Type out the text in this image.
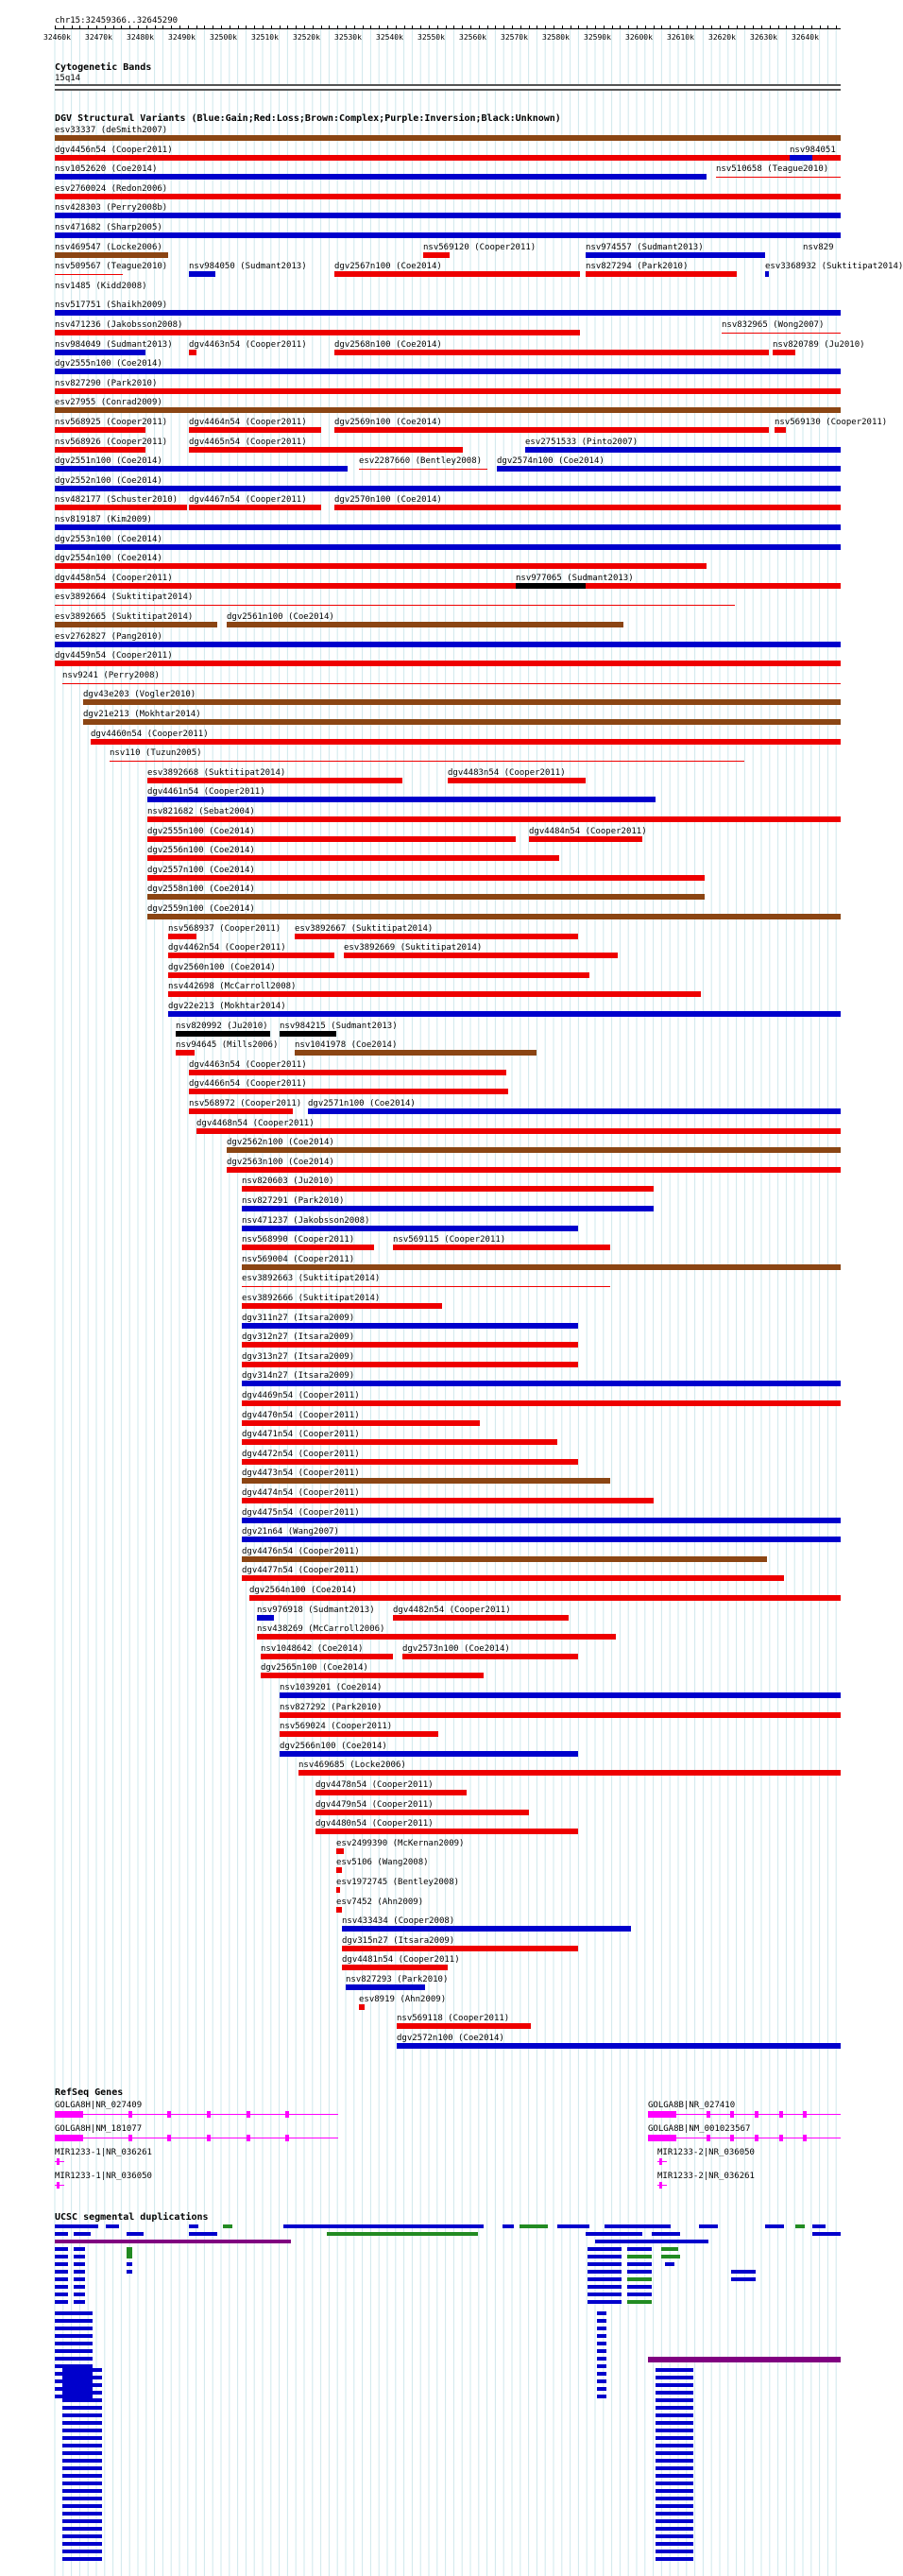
chr15:32459366..32645290
32460k 32470k 32480k 32490k 32500k 32510k 32520k 32530k 32540k 32550k 32560k 32570k 32580k 32590k 32600k 32610k 32620k 32630k 32640k
Cytogenetic Bands
15q14
DGV Structural Variants (Blue:Gain;Red:Loss;Brown:Complex;Purple:Inversion;Black:Unknown)
esv33337 (deSmith2007)
dgv4456n54 (Cooper2011)	nsv984051
nsv1052620 (Coe2014)	nsv510658 (Teague2010)
esv2760024 (Redon2006)
nsv428303 (Perry2008b)
nsv471682 (Sharp2005)
nsv469547 (Locke2006)	nsv569120 (Cooper2011)	nsv974557 (Sudmant2013)	nsv829
nsv509567 (Teague2010)	nsv984050 (Sudmant2013)	dgv2567n100 (Coe2014)	nsv827294 (Park2010)	esv3368932 (Suktitipat2014)
nsv1485 (Kidd2008)
nsv517751 (Shaikh2009)
nsv471236 (Jakobsson2008)	nsv832965 (Wong2007)
nsv984049 (Sudmant2013) dgv4463n54 (Cooper2011)	dgv2568n100 (Coe2014)	nsv820789 (Ju2010)
dgv2555n100 (Coe2014)
nsv827290 (Park2010)
esv27955 (Conrad2009)
nsv568925 (Cooper2011)	dgv4464n54 (Cooper2011)	dgv2569n100 (Coe2014)	nsv569130 (Cooper2011)
nsv568926 (Cooper2011)	dgv4465n54 (Cooper2011)	esv2751533 (Pinto2007)
dgv2551n100 (Coe2014)	esv2287660 (Bentley2008) dgv2574n100 (Coe2014)
dgv2552n100 (Coe2014)
nsv482177 (Schuster2010) dgv4467n54 (Cooper2011)	dgv2570n100 (Coe2014)
nsv819187 (Kim2009)
dgv2553n100 (Coe2014)
dgv2554n100 (Coe2014)
dgv4458n54 (Cooper2011)	nsv977065 (Sudmant2013)
esv3892664 (Suktitipat2014)
esv3892665 (Suktitipat2014)	dgv2561n100 (Coe2014)
esv2762827 (Pang2010)
dgv4459n54 (Cooper2011)
nsv9241 (Perry2008)
dgv43e203 (Vogler2010)
dgv21e213 (Mokhtar2014)
dgv4460n54 (Cooper2011)
nsv110 (Tuzun2005)
esv3892668 (Suktitipat2014)	dgv4483n54 (Cooper2011)
dgv4461n54 (Cooper2011)
nsv821682 (Sebat2004)
dgv2555n100 (Coe2014)	dgv4484n54 (Cooper2011)
dgv2556n100 (Coe2014)
dgv2557n100 (Coe2014)
dgv2558n100 (Coe2014)
dgv2559n100 (Coe2014)
nsv568937 (Cooper2011) esv3892667 (Suktitipat2014)
dgv4462n54 (Cooper2011)	esv3892669 (Suktitipat2014)
dgv2560n100 (Coe2014)
nsv442698 (McCarroll2008)
dgv22e213 (Mokhtar2014)
nsv820992 (Ju2010) nsv984215 (Sudmant2013)
nsv94645 (Mills2006) nsv1041978 (Coe2014)
dgv4463n54 (Cooper2011)
dgv4466n54 (Cooper2011)
nsv568972 (Cooper2011) dgv2571n100 (Coe2014)
dgv4468n54 (Cooper2011)
dgv2562n100 (Coe2014)
dgv2563n100 (Coe2014)
nsv820603 (Ju2010)
nsv827291 (Park2010)
nsv471237 (Jakobsson2008)
nsv568990 (Cooper2011)	nsv569115 (Cooper2011)
nsv569004 (Cooper2011)
esv3892663 (Suktitipat2014)
esv3892666 (Suktitipat2014)
dgv311n27 (Itsara2009)
dgv312n27 (Itsara2009)
dgv313n27 (Itsara2009)
dgv314n27 (Itsara2009)
dgv4469n54 (Cooper2011)
dgv4470n54 (Cooper2011)
dgv4471n54 (Cooper2011)
dgv4472n54 (Cooper2011)
dgv4473n54 (Cooper2011)
dgv4474n54 (Cooper2011)
dgv4475n54 (Cooper2011)
dgv21n64 (Wang2007)
dgv4476n54 (Cooper2011)
dgv4477n54 (Cooper2011)
dgv2564n100 (Coe2014)
nsv976918 (Sudmant2013) dgv4482n54 (Cooper2011)
nsv438269 (McCarroll2006)
nsv1048642 (Coe2014)	dgv2573n100 (Coe2014)
dgv2565n100 (Coe2014)
nsv1039201 (Coe2014)
nsv827292 (Park2010)
nsv569024 (Cooper2011)
dgv2566n100 (Coe2014)
nsv469685 (Locke2006)
dgv4478n54 (Cooper2011)
dgv4479n54 (Cooper2011)
dgv4480n54 (Cooper2011)
esv2499390 (McKernan2009)
esv5106 (Wang2008)
esv1972745 (Bentley2008)
esv7452 (Ahn2009)
nsv433434 (Cooper2008)
dgv315n27 (Itsara2009)
dgv4481n54 (Cooper2011)
nsv827293 (Park2010)
esv8919 (Ahn2009)
nsv569118 (Cooper2011)
dgv2572n100 (Coe2014)
RefSeq Genes
GOLGA8H|NR_027409
GOLGA8H|NM_181077
MIR1233-1|NR_036261
MIR1233-1|NR_036050
GOLGA8B|NR_027410
GOLGA8B|NM_001023567
MIR1233-2|NR_036050
MIR1233-2|NR_036261
UCSC segmental duplications
